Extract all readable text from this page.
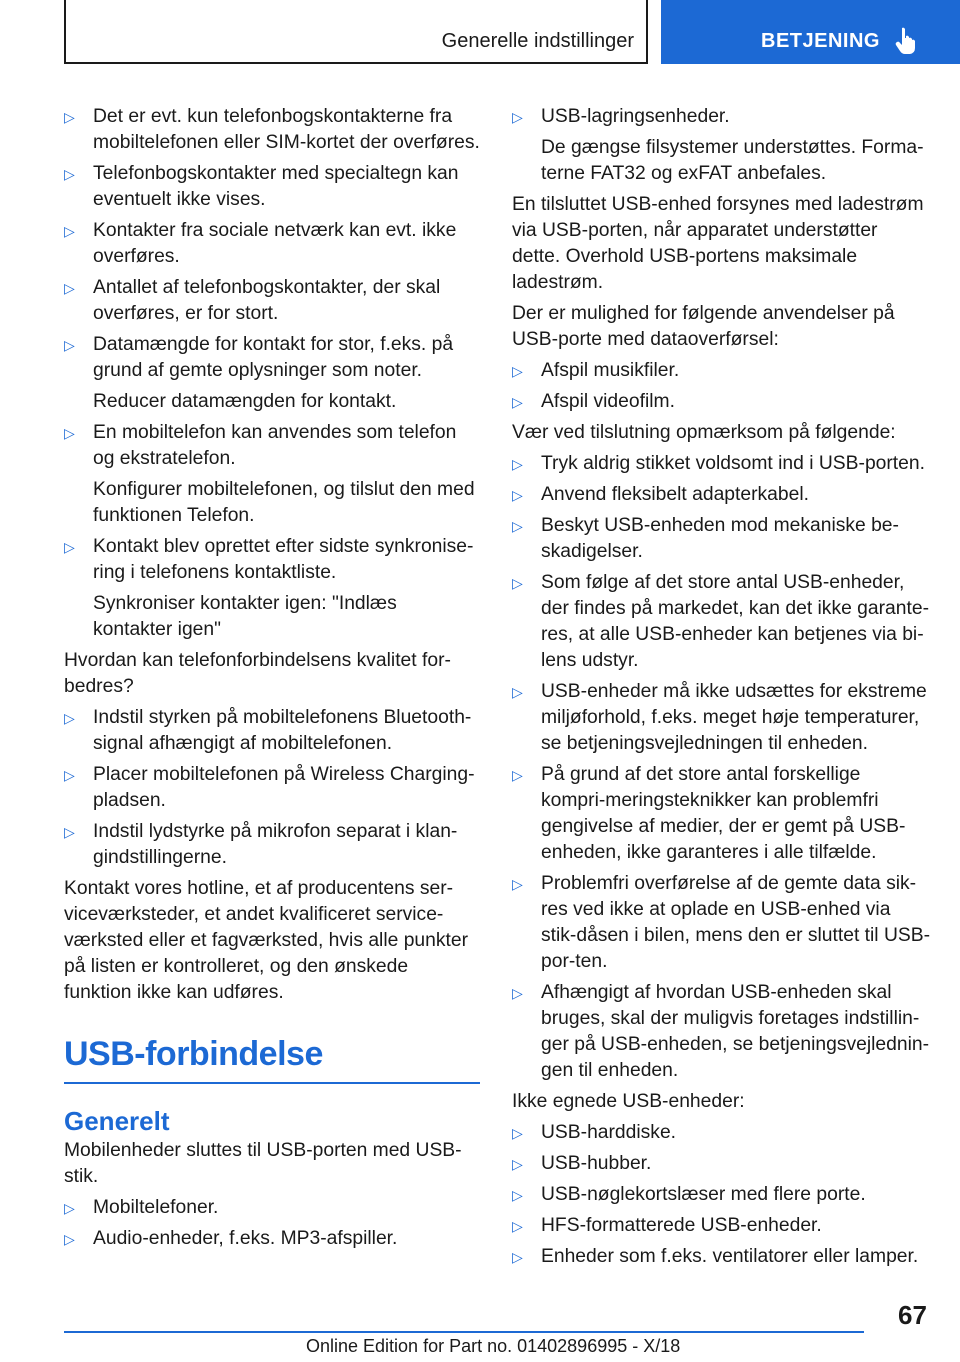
Generelle indstillinger	BETJENING
▷ Det er evt. kun telefonbogskontakterne fra mobiltelefonen eller SIM-kortet der overføres.
▷ Telefonbogskontakter med specialtegn kan eventuelt ikke vises.
▷ Kontakter fra sociale netværk kan evt. ikke overføres.
▷ Antallet af telefonbogskontakter, der skal overføres, er for stort.
▷ Datamængde for kontakt for stor, f.eks. på grund af gemte oplysninger som noter.
Reducer datamængden for kontakt.
▷ En mobiltelefon kan anvendes som telefon og ekstratelefon.
Konfigurer mobiltelefonen, og tilslut den med funktionen Telefon.
▷ Kontakt blev oprettet efter sidste synkronise-ring i telefonens kontaktliste.
Synkroniser kontakter igen: "Indlæs kontakter igen"
Hvordan kan telefonforbindelsens kvalitet for-bedres?
▷ Indstil styrken på mobiltelefonens Bluetooth-signal afhængigt af mobiltelefonen.
▷ Placer mobiltelefonen på Wireless Charging-pladsen.
▷ Indstil lydstyrke på mikrofon separat i klan-gindstillingerne.
Kontakt vores hotline, et af producentens ser-viceværksteder, et andet kvalificeret service-værksted eller et fagværksted, hvis alle punkter på listen er kontrolleret, og den ønskede funktion ikke kan udføres.
USB-forbindelse
Generelt
Mobilenheder sluttes til USB-porten med USB-stik.
▷ Mobiltelefoner.
▷ Audio-enheder, f.eks. MP3-afspiller.
▷ USB-lagringsenheder.
De gængse filsystemer understøttes. Forma-terne FAT32 og exFAT anbefales.
En tilsluttet USB-enhed forsynes med ladestrøm via USB-porten, når apparatet understøtter dette. Overhold USB-portens maksimale ladestrøm.
Der er mulighed for følgende anvendelser på USB-porte med dataoverførsel:
▷ Afspil musikfiler.
▷ Afspil videofilm.
Vær ved tilslutning opmærksom på følgende:
▷ Tryk aldrig stikket voldsomt ind i USB-porten.
▷ Anvend fleksibelt adapterkabel.
▷ Beskyt USB-enheden mod mekaniske be-skadigelser.
▷ Som følge af det store antal USB-enheder, der findes på markedet, kan det ikke garante-res, at alle USB-enheder kan betjenes via bi-lens udstyr.
▷ USB-enheder må ikke udsættes for ekstreme miljøforhold, f.eks. meget høje temperaturer, se betjeningsvejledningen til enheden.
▷ På grund af det store antal forskellige kompri-meringsteknikker kan problemfri gengivelse af medier, der er gemt på USB-enheden, ikke garanteres i alle tilfælde.
▷ Problemfri overførelse af de gemte data sik-res ved ikke at oplade en USB-enhed via stik-dåsen i bilen, mens den er sluttet til USB-por-ten.
▷ Afhængigt af hvordan USB-enheden skal bruges, skal der muligvis foretages indstillin-ger på USB-enheden, se betjeningsvejlednin-gen til enheden.
Ikke egnede USB-enheder:
▷ USB-harddiske.
▷ USB-hubber.
▷ USB-nøglekortslæser med flere porte.
▷ HFS-formatterede USB-enheder.
▷ Enheder som f.eks. ventilatorer eller lamper.
67
Online Edition for Part no. 01402896995 - X/18
